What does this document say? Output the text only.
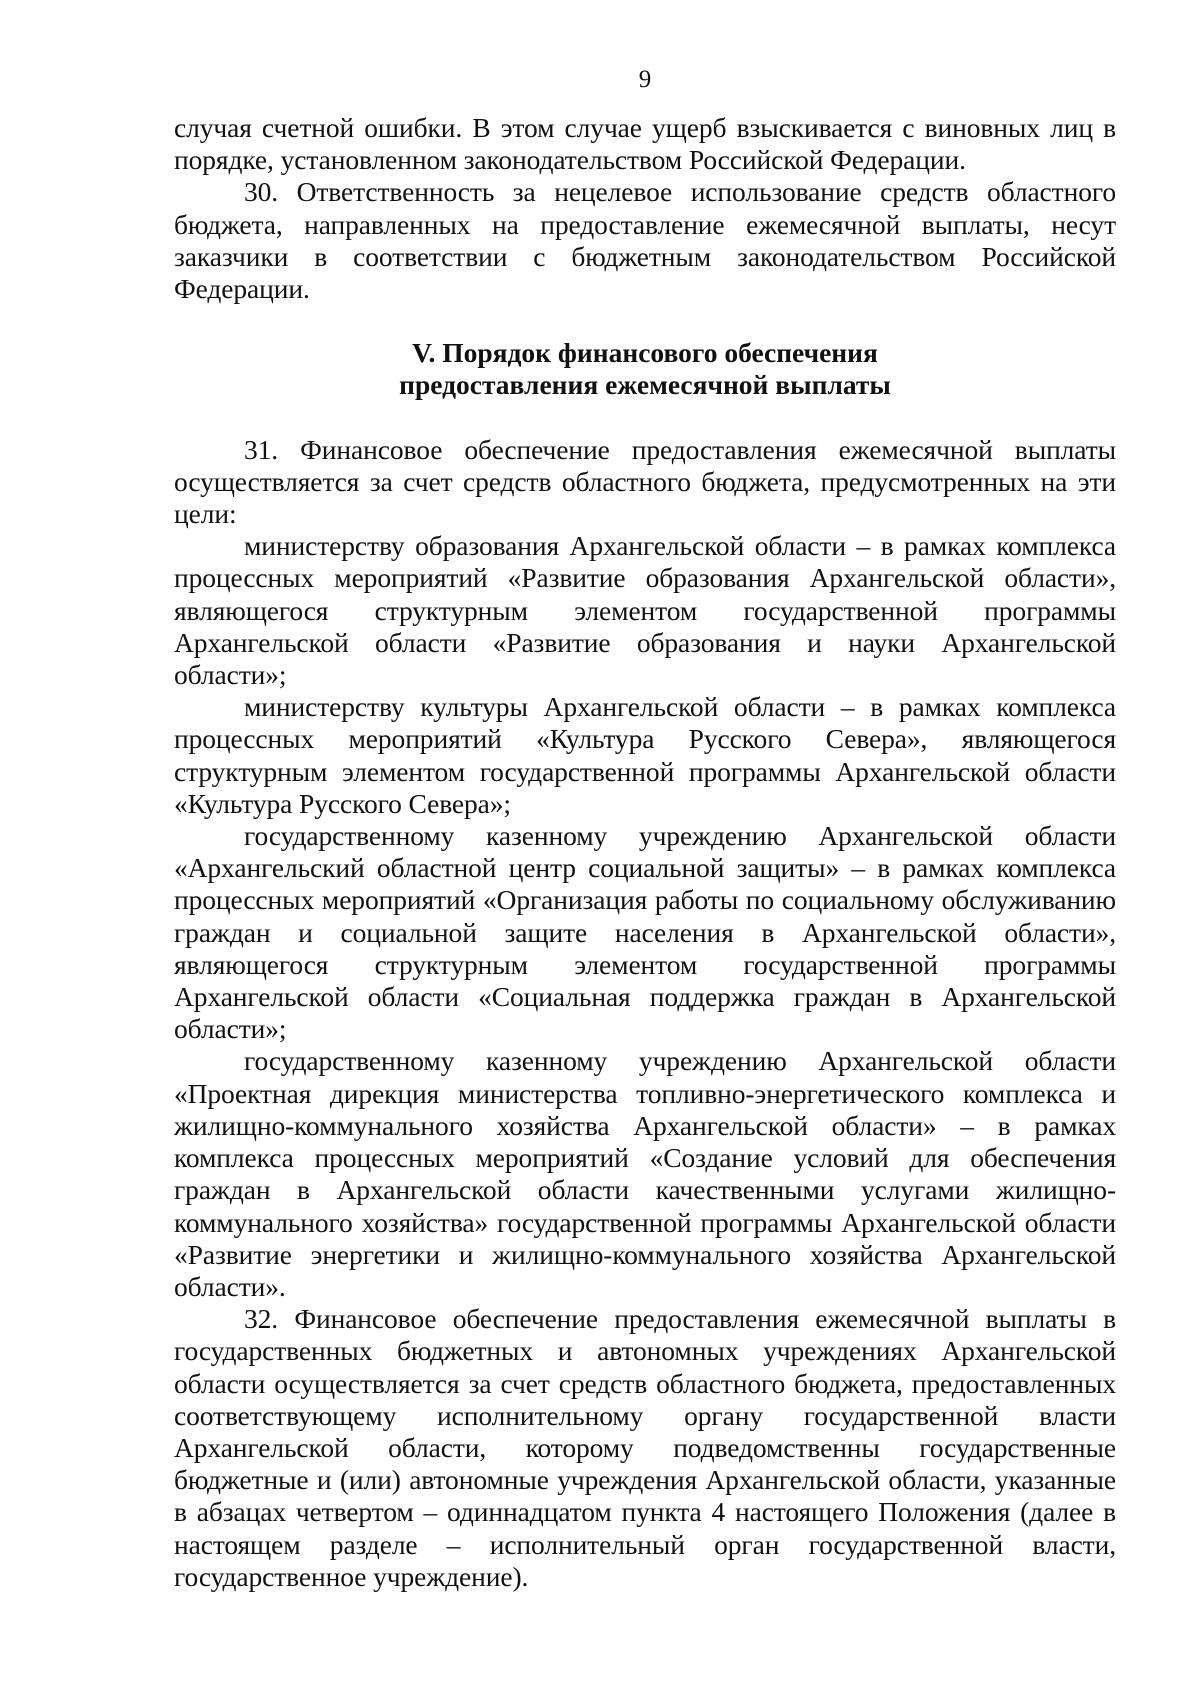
9

случая счетной ошибки. В этом случае ущерб взыскивается с виновных лиц в порядке, установленном законодательством Российской Федерации.

30. Ответственность за нецелевое использование средств областного бюджета, направленных на предоставление ежемесячной выплаты, несут заказчики в соответствии с бюджетным законодательством Российской Федерации.

V. Порядок финансового обеспечения
предоставления ежемесячной выплаты

31. Финансовое обеспечение предоставления ежемесячной выплаты осуществляется за счет средств областного бюджета, предусмотренных на эти цели:

министерству образования Архангельской области – в рамках комплекса процессных мероприятий «Развитие образования Архангельской области», являющегося структурным элементом государственной программы Архангельской области «Развитие образования и науки Архангельской области»;

министерству культуры Архангельской области – в рамках комплекса процессных мероприятий «Культура Русского Севера», являющегося структурным элементом государственной программы Архангельской области «Культура Русского Севера»;

государственному казенному учреждению Архангельской области «Архангельский областной центр социальной защиты» – в рамках комплекса процессных мероприятий «Организация работы по социальному обслуживанию граждан и социальной защите населения в Архангельской области», являющегося структурным элементом государственной программы Архангельской области «Социальная поддержка граждан в Архангельской области»;

государственному казенному учреждению Архангельской области «Проектная дирекция министерства топливно-энергетического комплекса и жилищно-коммунального хозяйства Архангельской области» – в рамках комплекса процессных мероприятий «Создание условий для обеспечения граждан в Архангельской области качественными услугами жилищно-коммунального хозяйства» государственной программы Архангельской области «Развитие энергетики и жилищно-коммунального хозяйства Архангельской области».

32. Финансовое обеспечение предоставления ежемесячной выплаты в государственных бюджетных и автономных учреждениях Архангельской области осуществляется за счет средств областного бюджета, предоставленных соответствующему исполнительному органу государственной власти Архангельской области, которому подведомственны государственные бюджетные и (или) автономные учреждения Архангельской области, указанные в абзацах четвертом – одиннадцатом пункта 4 настоящего Положения (далее в настоящем разделе – исполнительный орган государственной власти, государственное учреждение).
